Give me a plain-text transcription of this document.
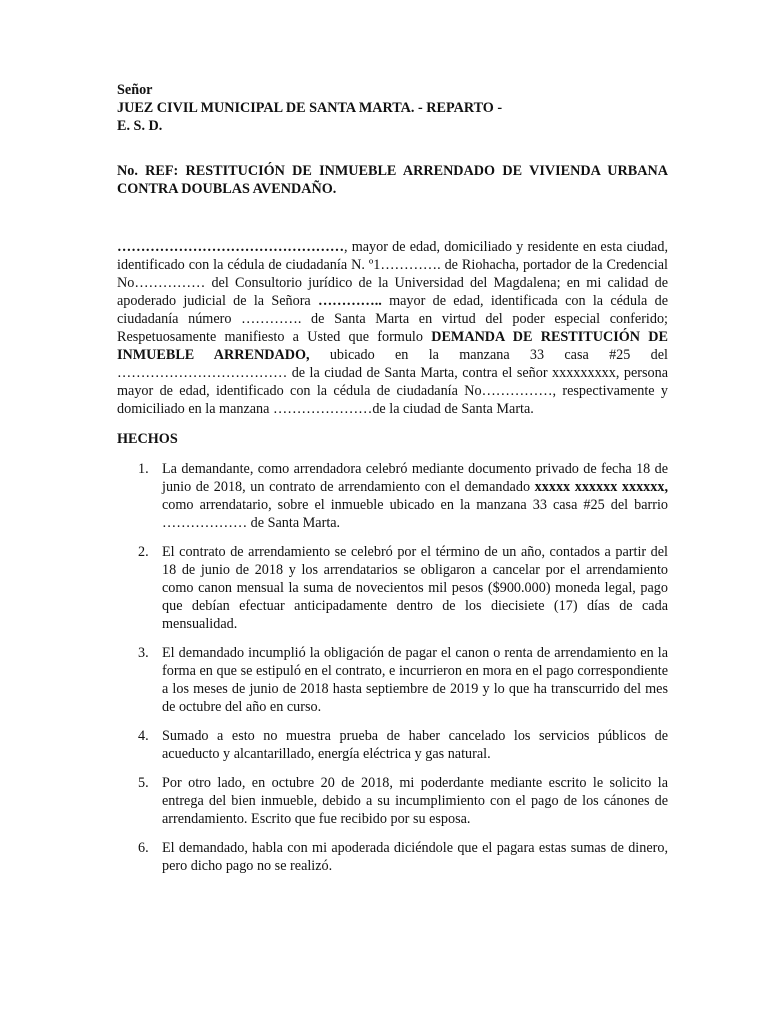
Señor

JUEZ CIVIL MUNICIPAL DE SANTA MARTA. - REPARTO -

E. S. D.

No. REF: RESTITUCIÓN DE INMUEBLE ARRENDADO DE VIVIENDA URBANA CONTRA DOUBLAS AVENDAÑO.

…………………………………………, mayor de edad, domiciliado y residente en esta ciudad, identificado con la cédula de ciudadanía N. º1…………. de Riohacha, portador de la Credencial No…………… del Consultorio jurídico de la Universidad del Magdalena; en mi calidad de apoderado judicial de la Señora ………….. mayor de edad, identificada con la cédula de ciudadanía número …………. de Santa Marta en virtud del poder especial conferido; Respetuosamente manifiesto a Usted que formulo DEMANDA DE RESTITUCIÓN DE INMUEBLE ARRENDADO, ubicado en la manzana 33 casa #25 del ……………………………… de la ciudad de Santa Marta, contra el señor xxxxxxxxx, persona mayor de edad, identificado con la cédula de ciudadanía No……………, respectivamente y domiciliado en la manzana …………………de la ciudad de Santa Marta.

HECHOS

1. La demandante, como arrendadora celebró mediante documento privado de fecha 18 de junio de 2018, un contrato de arrendamiento con el demandado xxxxx xxxxxx xxxxxx, como arrendatario, sobre el inmueble ubicado en la manzana 33 casa #25 del barrio ……………… de Santa Marta.
2. El contrato de arrendamiento se celebró por el término de un año, contados a partir del 18 de junio de 2018 y los arrendatarios se obligaron a cancelar por el arrendamiento como canon mensual la suma de novecientos mil pesos ($900.000) moneda legal, pago que debían efectuar anticipadamente dentro de los diecisiete (17) días de cada mensualidad.
3. El demandado incumplió la obligación de pagar el canon o renta de arrendamiento en la forma en que se estipuló en el contrato, e incurrieron en mora en el pago correspondiente a los meses de junio de 2018 hasta septiembre de 2019 y lo que ha transcurrido del mes de octubre del año en curso.
4. Sumado a esto no muestra prueba de haber cancelado los servicios públicos de acueducto y alcantarillado, energía eléctrica y gas natural.
5. Por otro lado, en octubre 20 de 2018, mi poderdante mediante escrito le solicito la entrega del bien inmueble, debido a su incumplimiento con el pago de los cánones de arrendamiento. Escrito que fue recibido por su esposa.
6. El demandado, habla con mi apoderada diciéndole que el pagara estas sumas de dinero, pero dicho pago no se realizó.
